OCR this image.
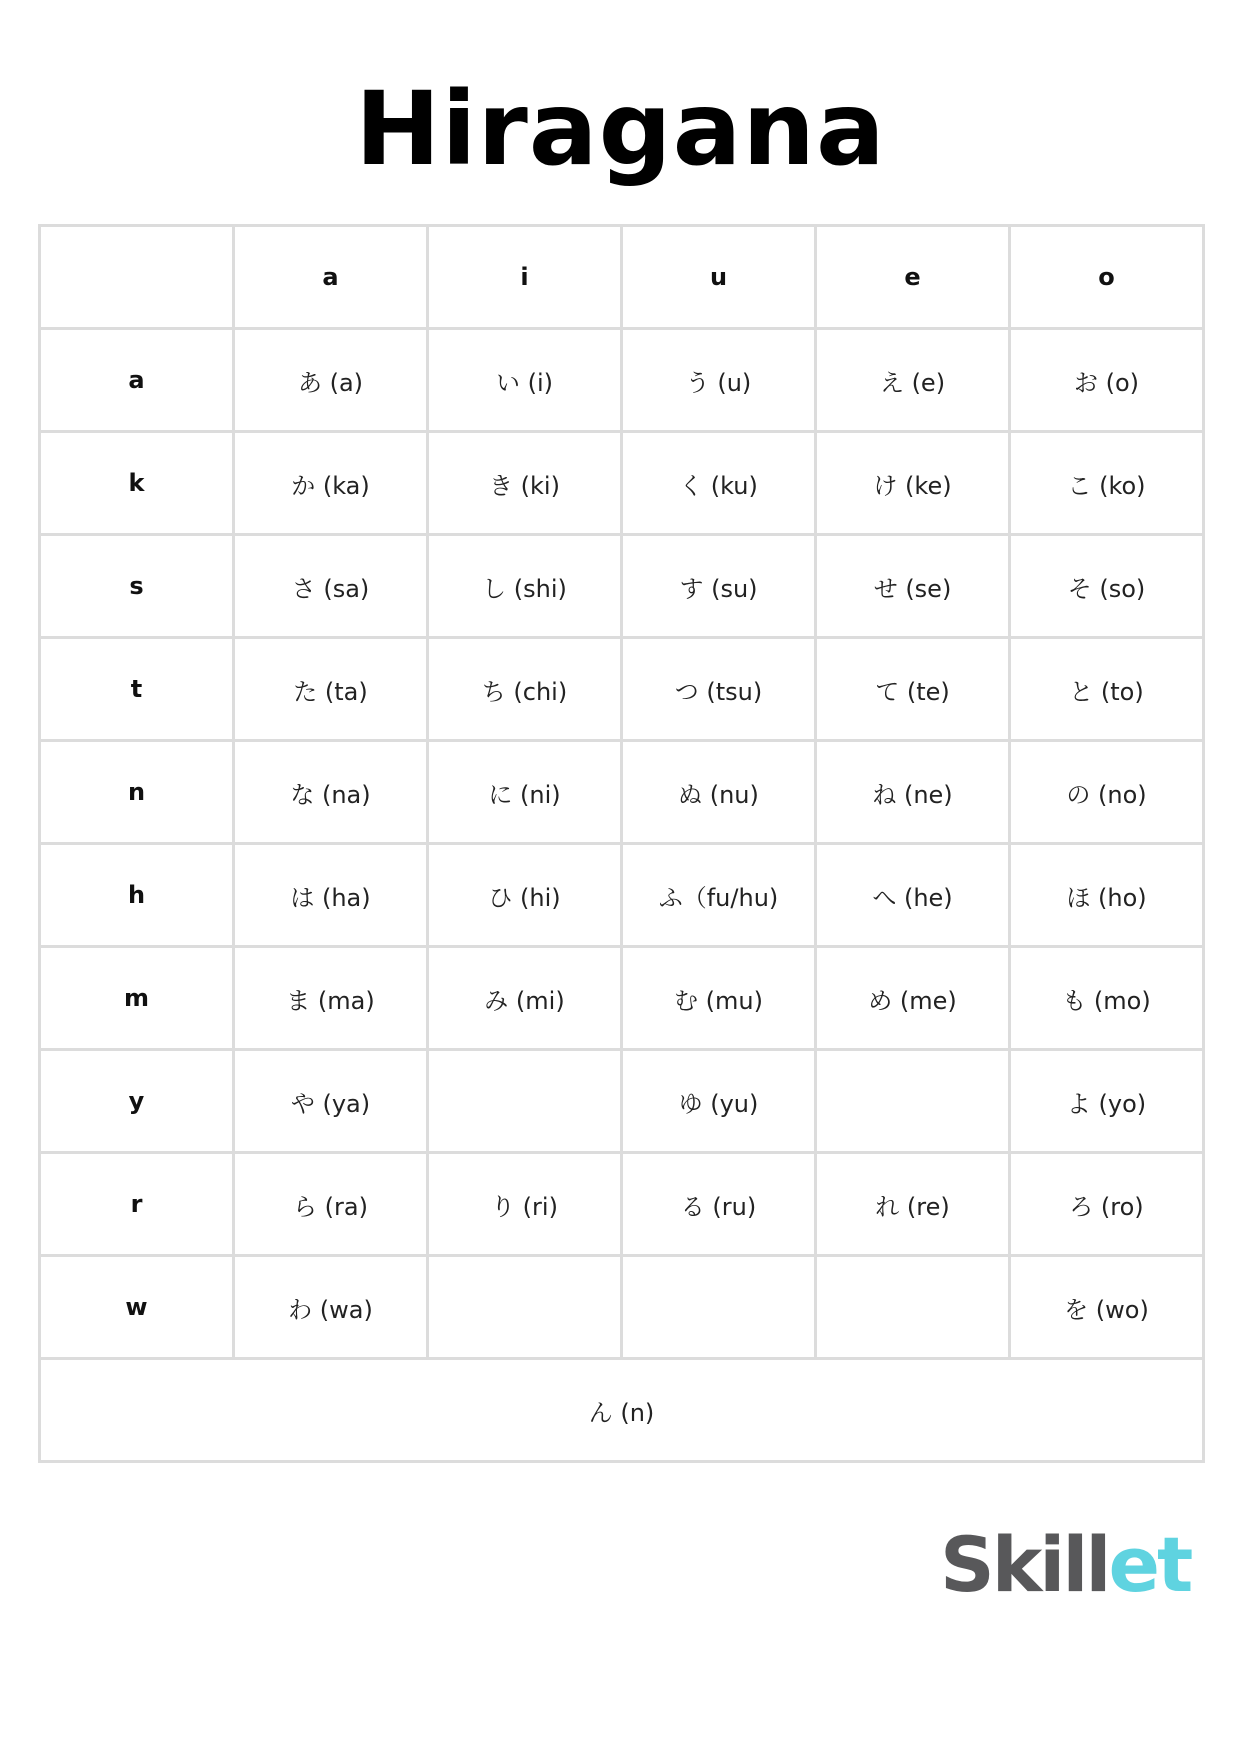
Hiragana
	a	i	u	e	o
a	あ (a)	い (i)	う (u)	え (e)	お (o)
k	か (ka)	き (ki)	く (ku)	け (ke)	こ (ko)
s	さ (sa)	し (shi)	す (su)	せ (se)	そ (so)
t	た (ta)	ち (chi)	つ (tsu)	て (te)	と (to)
n	な (na)	に (ni)	ぬ (nu)	ね (ne)	の (no)
h	は (ha)	ひ (hi)	ふ（fu/hu)	へ (he)	ほ (ho)
m	ま (ma)	み (mi)	む (mu)	め (me)	も (mo)
y	や (ya)		ゆ (yu)		よ (yo)
r	ら (ra)	り (ri)	る (ru)	れ (re)	ろ (ro)
w	わ (wa)				を (wo)
ん (n)					
Skillet
